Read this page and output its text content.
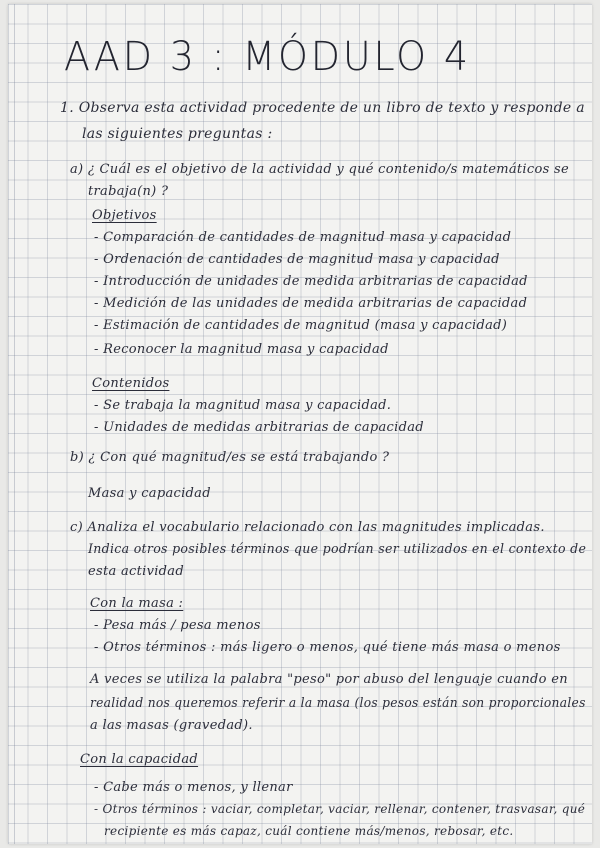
AAD 3 : MÓDULO 4
1. Observa esta actividad procedente de un libro de texto y responde a
las siguientes preguntas :
a) ¿ Cuál es el objetivo de la actividad y qué contenido/s matemáticos se
trabaja(n) ?
Objetivos
- Comparación de cantidades de magnitud masa y capacidad
- Ordenación de cantidades de magnitud masa y capacidad
- Introducción de unidades de medida arbitrarias de capacidad
- Medición de las unidades de medida arbitrarias de capacidad
- Estimación de cantidades de magnitud (masa y capacidad)
- Reconocer la magnitud masa y capacidad
Contenidos
- Se trabaja la magnitud masa y capacidad.
- Unidades de medidas arbitrarias de capacidad
b) ¿ Con qué magnitud/es se está trabajando ?
Masa y capacidad
c) Analiza el vocabulario relacionado con las magnitudes implicadas.
Indica otros posibles términos que podrían ser utilizados en el contexto de
esta actividad
Con la masa :
- Pesa más / pesa menos
- Otros términos : más ligero o menos, qué tiene más masa o menos
A veces se utiliza la palabra "peso" por abuso del lenguaje cuando en
realidad nos queremos referir a la masa (los pesos están son proporcionales
a las masas (gravedad).
Con la capacidad
- Cabe más o menos, y llenar
- Otros términos : vaciar, completar, vaciar, rellenar, contener, trasvasar, qué
recipiente es más capaz, cuál contiene más/menos, rebosar, etc.
